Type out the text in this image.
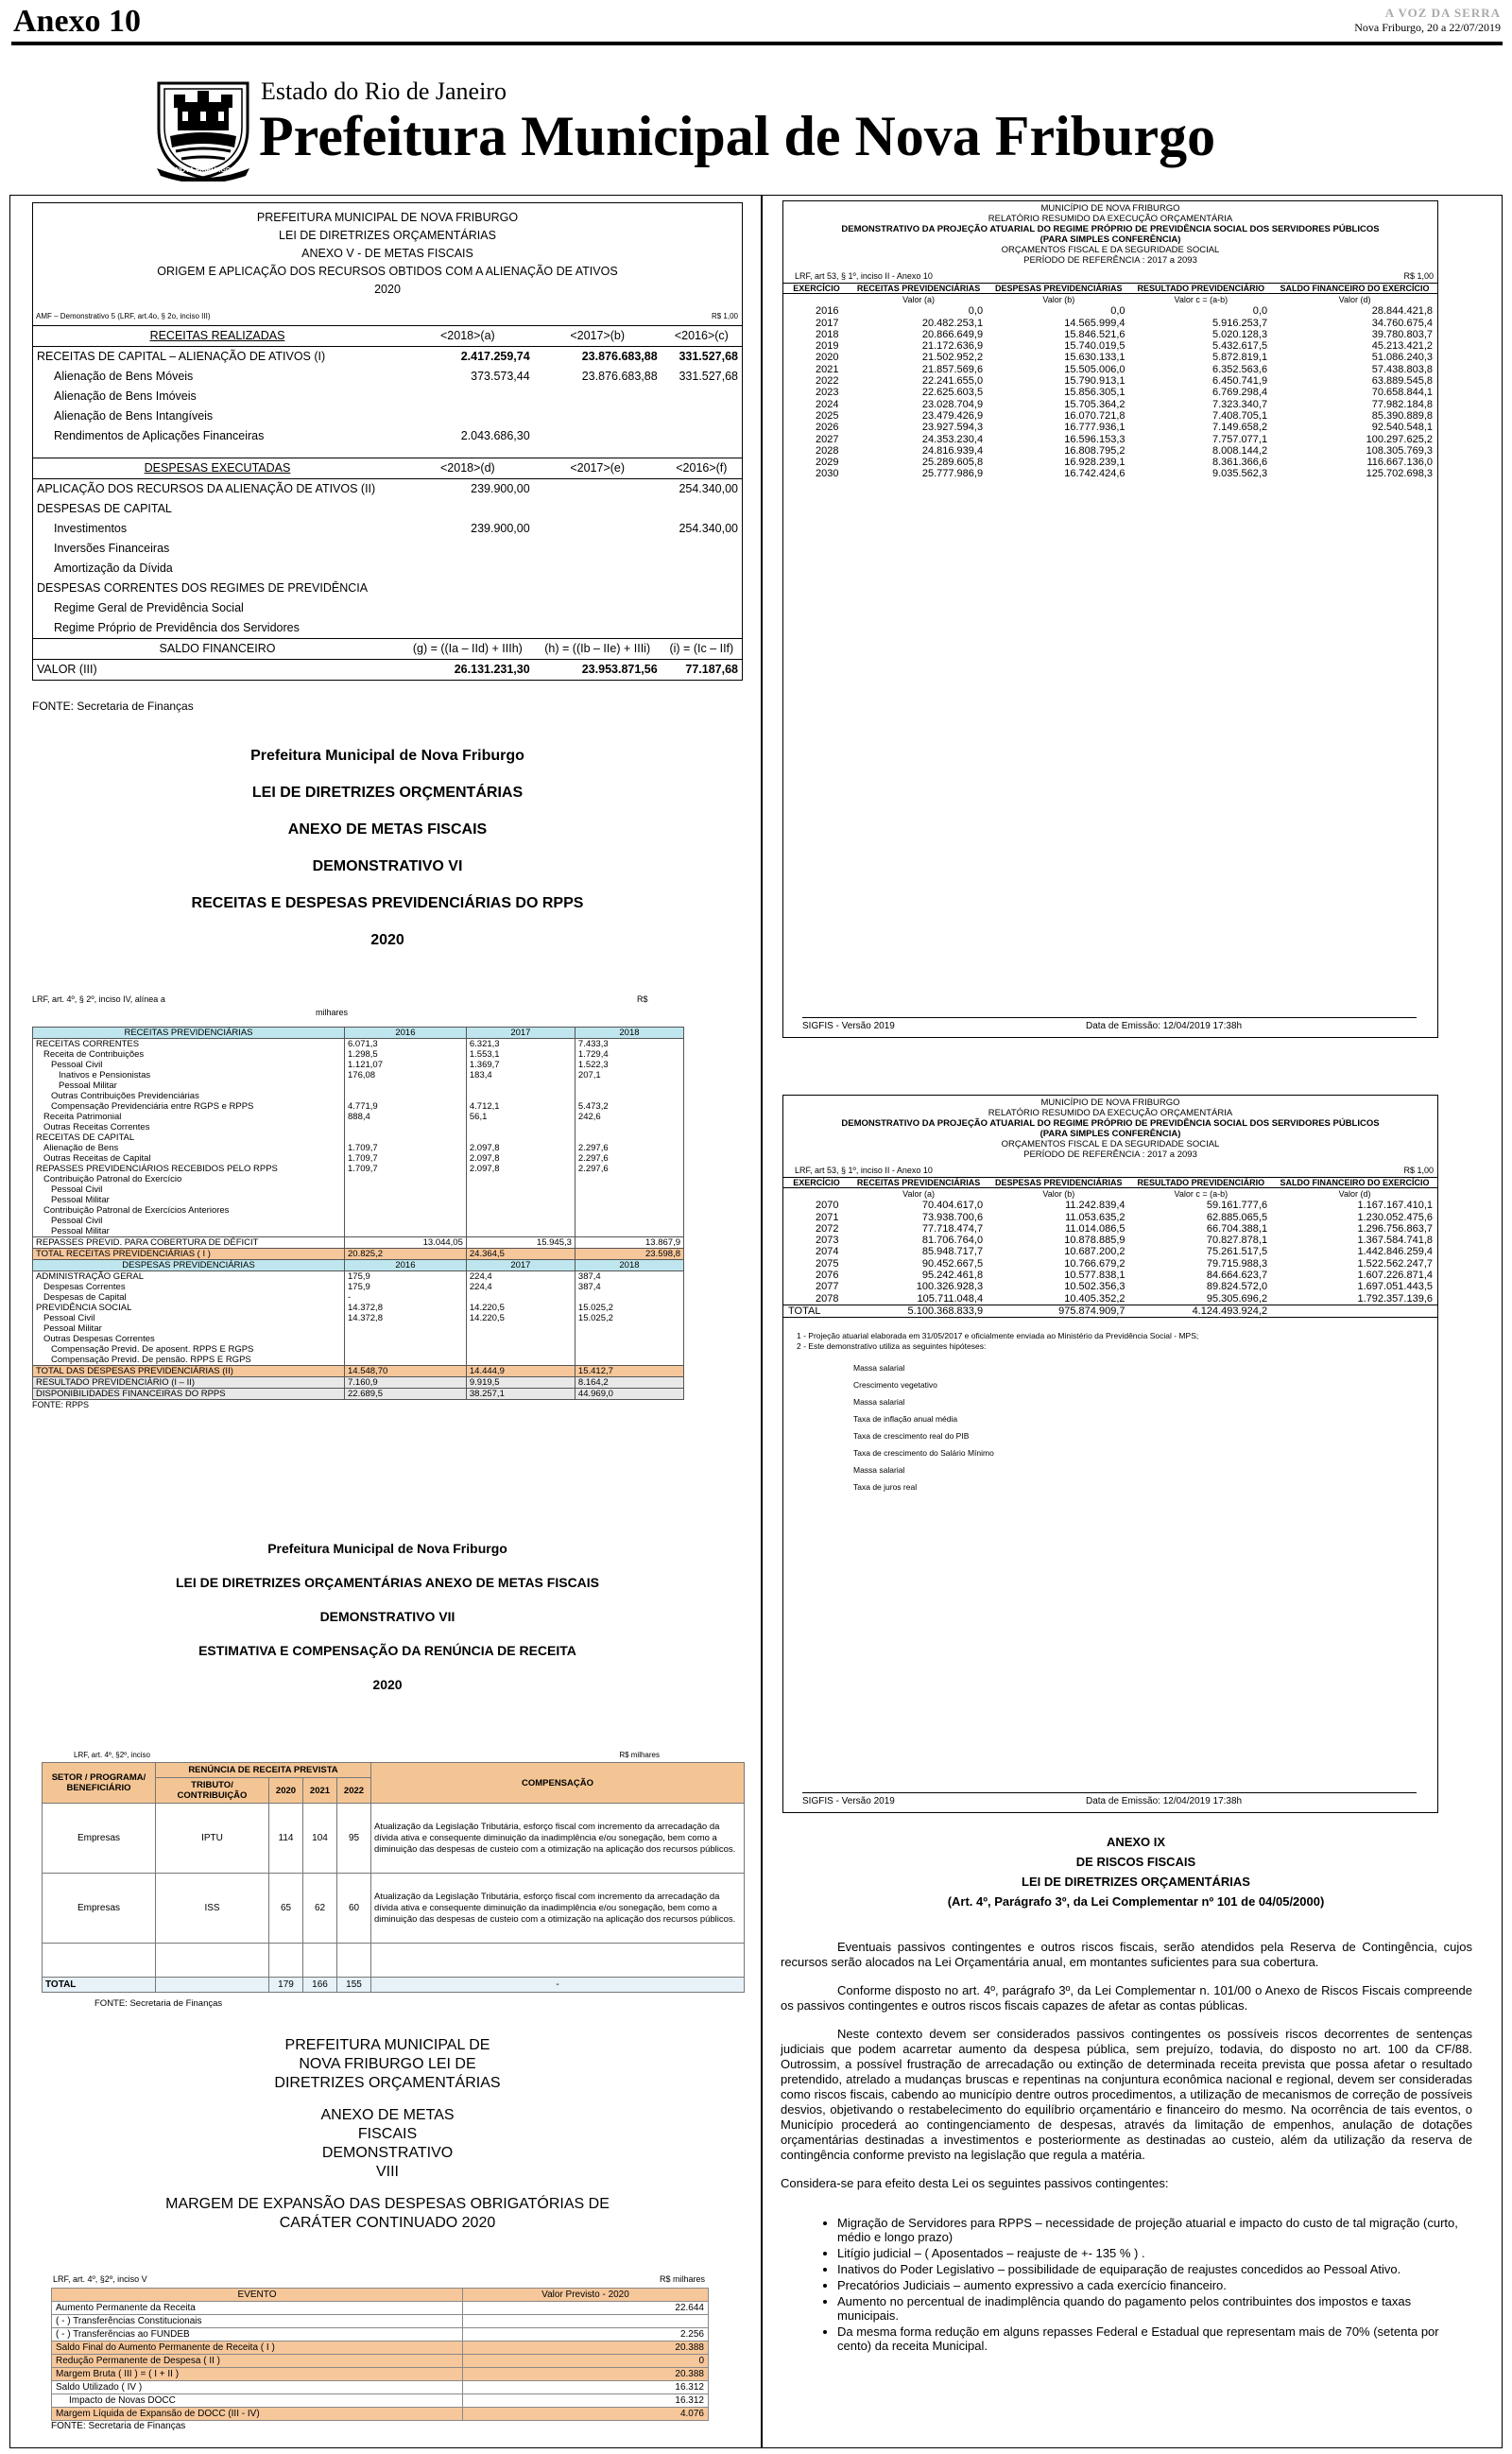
Anexo 10	A VOZ DA SERRA
Nova Friburgo, 20 a 22/07/2019
NOVA FRIBURGO
Estado do Rio de Janeiro
Prefeitura Municipal de Nova Friburgo
PREFEITURA MUNICIPAL DE NOVA FRIBURGO
LEI DE DIRETRIZES ORÇAMENTÁRIAS
ANEXO V - DE METAS FISCAIS
ORIGEM E APLICAÇÃO DOS RECURSOS OBTIDOS COM A ALIENAÇÃO DE ATIVOS
2020
AMF – Demonstrativo 5 (LRF, art.4o, § 2o, inciso III)	R$ 1,00
RECEITAS REALIZADAS	<2018>(a)	<2017>(b)	<2016>(c)
RECEITAS DE CAPITAL – ALIENAÇÃO DE ATIVOS (I)	2.417.259,74	23.876.683,88	331.527,68
Alienação de Bens Móveis	373.573,44	23.876.683,88	331.527,68
Alienação de Bens Imóveis			
Alienação de Bens Intangíveis			
Rendimentos de Aplicações Financeiras	2.043.686,30		

DESPESAS EXECUTADAS	<2018>(d)	<2017>(e)	<2016>(f)
APLICAÇÃO DOS RECURSOS DA ALIENAÇÃO DE ATIVOS (II)	239.900,00		254.340,00
DESPESAS DE CAPITAL			
Investimentos	239.900,00		254.340,00
Inversões Financeiras			
Amortização da Dívida			
DESPESAS CORRENTES DOS REGIMES DE PREVIDÊNCIA			
Regime Geral de Previdência Social			
Regime Próprio de Previdência dos Servidores			
SALDO FINANCEIRO	(g) = ((Ia – IId) + IIIh)	(h) = ((Ib – IIe) + IIIi)	(i) = (Ic – IIf)
VALOR (III)	26.131.231,30	23.953.871,56	77.187,68
FONTE: Secretaria de Finanças
Prefeitura Municipal de Nova Friburgo
LEI DE DIRETRIZES ORÇMENTÁRIAS
ANEXO DE METAS FISCAIS
DEMONSTRATIVO VI
RECEITAS E DESPESAS PREVIDENCIÁRIAS DO RPPS
2020
LRF, art. 4º, § 2º, inciso IV, alínea a	R$
milhares
RECEITAS PREVIDENCIÁRIAS	2016	2017	2018
RECEITAS CORRENTES	6.071,3	6.321,3	7.433,3
Receita de Contribuições	1.298,5	1.553,1	1.729,4
Pessoal Civil	1.121,07	1.369,7	1.522,3
Inativos e Pensionistas	176,08	183,4	207,1
Pessoal Militar			
Outras Contribuições Previdenciárias			
Compensação Previdenciária entre RGPS e RPPS	4.771,9	4.712,1	5.473,2
Receita Patrimonial	888,4	56,1	242,6
Outras Receitas Correntes			
RECEITAS DE CAPITAL			
Alienação de Bens	1.709,7	2.097,8	2.297,6
Outras Receitas de Capital	1.709,7	2.097,8	2.297,6
REPASSES PREVIDENCIÁRIOS RECEBIDOS PELO RPPS	1.709,7	2.097,8	2.297,6
Contribuição Patronal do Exercício			
Pessoal Civil			
Pessoal Militar			
Contribuição Patronal de Exercícios Anteriores			
Pessoal Civil			
Pessoal Militar			
REPASSES PREVID. PARA COBERTURA DE DÉFICIT	13.044,05	15.945,3	13.867,9
TOTAL RECEITAS PREVIDENCIÁRIAS ( I )	20.825,2	24.364,5	23.598,8
DESPESAS PREVIDENCIÁRIAS	2016	2017	2018
ADMINISTRAÇÃO GERAL	175,9	224,4	387,4
Despesas Correntes	175,9	224,4	387,4
Despesas de Capital	-		
PREVIDÊNCIA SOCIAL	14.372,8	14.220,5	15.025,2
Pessoal Civil	14.372,8	14.220,5	15.025,2
Pessoal Militar			
Outras Despesas Correntes			
Compensação Previd. De aposent. RPPS E RGPS			
Compensação Previd. De pensão. RPPS E RGPS			
TOTAL DAS DESPESAS PREVIDENCIÁRIAS (II)	14.548,70	14.444,9	15.412,7
RESULTADO PREVIDENCIÁRIO (I – II)	7.160,9	9.919,5	8.164,2
DISPONIBILIDADES FINANCEIRAS DO RPPS	22.689,5	38.257,1	44.969,0
FONTE: RPPS
Prefeitura Municipal de Nova Friburgo
LEI DE DIRETRIZES ORÇAMENTÁRIAS ANEXO DE METAS FISCAIS
DEMONSTRATIVO VII
ESTIMATIVA E COMPENSAÇÃO DA RENÚNCIA DE RECEITA
2020
LRF, art. 4º, §2º, inciso	R$ milhares
SETOR / PROGRAMA/ BENEFICIÁRIO	RENÚNCIA DE RECEITA PREVISTA				COMPENSAÇÃO
	TRIBUTO/ CONTRIBUIÇÃO	2020	2021	2022	
Empresas	IPTU	114	104	95	Atualização da Legislação Tributária, esforço fiscal com incremento da arrecadação da dívida ativa e consequente diminuição da inadimplência e/ou sonegação, bem como a diminuição das despesas de custeio com a otimização na aplicação dos recursos públicos.
Empresas	ISS	65	62	60	Atualização da Legislação Tributária, esforço fiscal com incremento da arrecadação da dívida ativa e consequente diminuição da inadimplência e/ou sonegação, bem como a diminuição das despesas de custeio com a otimização na aplicação dos recursos públicos.

TOTAL		179	166	155	-
FONTE: Secretaria de Finanças
PREFEITURA MUNICIPAL DE
NOVA FRIBURGO LEI DE
DIRETRIZES ORÇAMENTÁRIAS
ANEXO DE METAS
FISCAIS
DEMONSTRATIVO
VIII
MARGEM DE EXPANSÃO DAS DESPESAS OBRIGATÓRIAS DE
CARÁTER CONTINUADO 2020
LRF, art. 4º, §2º, inciso V	R$ milhares
EVENTO	Valor Previsto - 2020
Aumento Permanente da Receita	22.644
( - ) Transferências Constitucionais	
( - ) Transferências ao FUNDEB	2.256
Saldo Final do Aumento Permanente de Receita ( I )	20.388
Redução Permanente de Despesa ( II )	0
Margem Bruta ( III ) = ( I + II )	20.388
Saldo Utilizado ( IV )	16.312
Impacto de Novas DOCC	16.312
Margem Líquida de Expansão de DOCC (III - IV)	4.076
FONTE: Secretaria de Finanças
MUNICÍPIO DE NOVA FRIBURGO
RELATÓRIO RESUMIDO DA EXECUÇÃO ORÇAMENTÁRIA
DEMONSTRATIVO DA PROJEÇÃO ATUARIAL DO REGIME PRÓPRIO DE PREVIDÊNCIA SOCIAL DOS SERVIDORES PÚBLICOS
(PARA SIMPLES CONFERÊNCIA)
ORÇAMENTOS FISCAL E DA SEGURIDADE SOCIAL
PERÍODO DE REFERÊNCIA : 2017 a 2093
LRF, art 53, § 1º, inciso II - Anexo 10	R$ 1,00
EXERCÍCIO	RECEITAS PREVIDENCIÁRIAS	DESPESAS PREVIDENCIÁRIAS	RESULTADO PREVIDENCIÁRIO	SALDO FINANCEIRO DO EXERCÍCIO
	Valor (a)	Valor (b)	Valor c = (a-b)	Valor (d)
2016	0,0	0,0	0,0	28.844.421,8
2017	20.482.253,1	14.565.999,4	5.916.253,7	34.760.675,4
2018	20.866.649,9	15.846.521,6	5.020.128,3	39.780.803,7
2019	21.172.636,9	15.740.019,5	5.432.617,5	45.213.421,2
2020	21.502.952,2	15.630.133,1	5.872.819,1	51.086.240,3
2021	21.857.569,6	15.505.006,0	6.352.563,6	57.438.803,8
2022	22.241.655,0	15.790.913,1	6.450.741,9	63.889.545,8
2023	22.625.603,5	15.856.305,1	6.769.298,4	70.658.844,1
2024	23.028.704,9	15.705.364,2	7.323.340,7	77.982.184,8
2025	23.479.426,9	16.070.721,8	7.408.705,1	85.390.889,8
2026	23.927.594,3	16.777.936,1	7.149.658,2	92.540.548,1
2027	24.353.230,4	16.596.153,3	7.757.077,1	100.297.625,2
2028	24.816.939,4	16.808.795,2	8.008.144,2	108.305.769,3
2029	25.289.605,8	16.928.239,1	8.361.366,6	116.667.136,0
2030	25.777.986,9	16.742.424,6	9.035.562,3	125.702.698,3
SIGFIS - Versão 2019	Data de Emissão: 12/04/2019 17:38h
MUNICÍPIO DE NOVA FRIBURGO
RELATÓRIO RESUMIDO DA EXECUÇÃO ORÇAMENTÁRIA
DEMONSTRATIVO DA PROJEÇÃO ATUARIAL DO REGIME PRÓPRIO DE PREVIDÊNCIA SOCIAL DOS SERVIDORES PÚBLICOS
(PARA SIMPLES CONFERÊNCIA)
ORÇAMENTOS FISCAL E DA SEGURIDADE SOCIAL
PERÍODO DE REFERÊNCIA : 2017 a 2093
LRF, art 53, § 1º, inciso II - Anexo 10	R$ 1,00
EXERCÍCIO	RECEITAS PREVIDENCIÁRIAS	DESPESAS PREVIDENCIÁRIAS	RESULTADO PREVIDENCIÁRIO	SALDO FINANCEIRO DO EXERCÍCIO
	Valor (a)	Valor (b)	Valor c = (a-b)	Valor (d)
2070	70.404.617,0	11.242.839,4	59.161.777,6	1.167.167.410,1
2071	73.938.700,6	11.053.635,2	62.885.065,5	1.230.052.475,6
2072	77.718.474,7	11.014.086,5	66.704.388,1	1.296.756.863,7
2073	81.706.764,0	10.878.885,9	70.827.878,1	1.367.584.741,8
2074	85.948.717,7	10.687.200,2	75.261.517,5	1.442.846.259,4
2075	90.452.667,5	10.766.679,2	79.715.988,3	1.522.562.247,7
2076	95.242.461,8	10.577.838,1	84.664.623,7	1.607.226.871,4
2077	100.326.928,3	10.502.356,3	89.824.572,0	1.697.051.443,5
2078	105.711.048,4	10.405.352,2	95.305.696,2	1.792.357.139,6
TOTAL	5.100.368.833,9	975.874.909,7	4.124.493.924,2	
1 - Projeção atuarial elaborada em 31/05/2017 e oficialmente enviada ao Ministério da Previdência Social - MPS;
2 - Este demonstrativo utiliza as seguintes hipóteses:
Massa salarial
Crescimento vegetativo
Massa salarial
Taxa de inflação anual média
Taxa de crescimento real do PIB
Taxa de crescimento do Salário Mínimo
Massa salarial
Taxa de juros real
SIGFIS - Versão 2019	Data de Emissão: 12/04/2019 17:38h
ANEXO IX
DE RISCOS FISCAIS
LEI DE DIRETRIZES ORÇAMENTÁRIAS
(Art. 4º, Parágrafo 3º, da Lei Complementar nº 101 de 04/05/2000)

Eventuais passivos contingentes e outros riscos fiscais, serão atendidos pela Reserva de Contingência, cujos recursos serão alocados na Lei Orçamentária anual, em montantes suficientes para sua cobertura.

Conforme disposto no art. 4º, parágrafo 3º, da Lei Complementar n. 101/00 o Anexo de Riscos Fiscais compreende os passivos contingentes e outros riscos fiscais capazes de afetar as contas públicas.

Neste contexto devem ser considerados passivos contingentes os possíveis riscos decorrentes de sentenças judiciais que podem acarretar aumento da despesa pública, sem prejuízo, todavia, do disposto no art. 100 da CF/88. Outrossim, a possível frustração de arrecadação ou extinção de determinada receita prevista que possa afetar o resultado pretendido, atrelado a mudanças bruscas e repentinas na conjuntura econômica nacional e regional, devem ser consideradas como riscos fiscais, cabendo ao município dentre outros procedimentos, a utilização de mecanismos de correção de possíveis desvios, objetivando o restabelecimento do equilíbrio orçamentário e financeiro do mesmo. Na ocorrência de tais eventos, o Município procederá ao contingenciamento de despesas, através da limitação de empenhos, anulação de dotações orçamentárias destinadas a investimentos e posteriormente as destinadas ao custeio, além da utilização da reserva de contingência conforme previsto na legislação que regula a matéria.

Considera-se para efeito desta Lei os seguintes passivos contingentes:

• Migração de Servidores para RPPS – necessidade de projeção atuarial e impacto do custo de tal migração (curto, médio e longo prazo)
• Litígio judicial – ( Aposentados – reajuste de +- 135 % ) .
• Inativos do Poder Legislativo – possibilidade de equiparação de reajustes concedidos ao Pessoal Ativo.
• Precatórios Judiciais – aumento expressivo a cada exercício financeiro.
• Aumento no percentual de inadimplência quando do pagamento pelos contribuintes dos impostos e taxas municipais.
• Da mesma forma redução em alguns repasses Federal e Estadual que representam mais de 70% (setenta por cento) da receita Municipal.
